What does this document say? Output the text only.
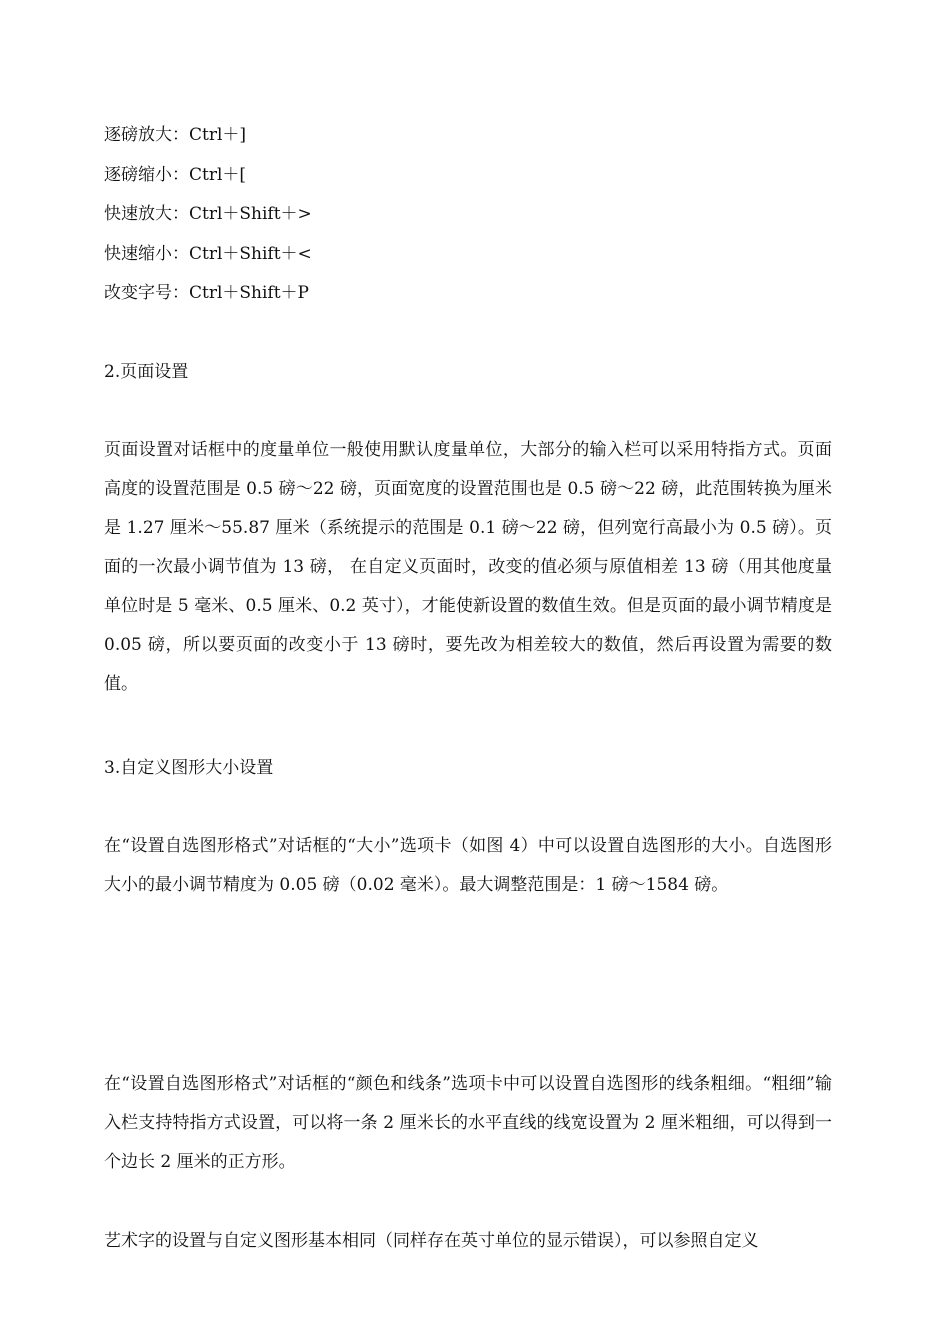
逐磅放大：Ctrl＋]
逐磅缩小：Ctrl＋[
快速放大：Ctrl＋Shift＋>
快速缩小：Ctrl＋Shift＋<
改变字号：Ctrl＋Shift＋P
2.页面设置

页面设置对话框中的度量单位一般使用默认度量单位，大部分的输入栏可以采用特指方式。页面高度的设置范围是 0.5 磅～22 磅，页面宽度的设置范围也是 0.5 磅～22 磅，此范围转换为厘米是 1.27 厘米～55.87 厘米（系统提示的范围是 0.1 磅～22 磅，但列宽行高最小为 0.5 磅）。页面的一次最小调节值为 13 磅， 在自定义页面时，改变的值必须与原值相差 13 磅（用其他度量单位时是 5 毫米、0.5 厘米、0.2 英寸），才能使新设置的数值生效。但是页面的最小调节精度是 0.05 磅，所以要页面的改变小于 13 磅时，要先改为相差较大的数值，然后再设置为需要的数值。

3.自定义图形大小设置

在“设置自选图形格式”对话框的“大小”选项卡（如图 4）中可以设置自选图形的大小。自选图形大小的最小调节精度为 0.05 磅（0.02 毫米）。最大调整范围是：1 磅～1584 磅。

在“设置自选图形格式”对话框的“颜色和线条”选项卡中可以设置自选图形的线条粗细。“粗细”输入栏支持特指方式设置，可以将一条 2 厘米长的水平直线的线宽设置为 2 厘米粗细，可以得到一个边长 2 厘米的正方形。

艺术字的设置与自定义图形基本相同（同样存在英寸单位的显示错误），可以参照自定义
